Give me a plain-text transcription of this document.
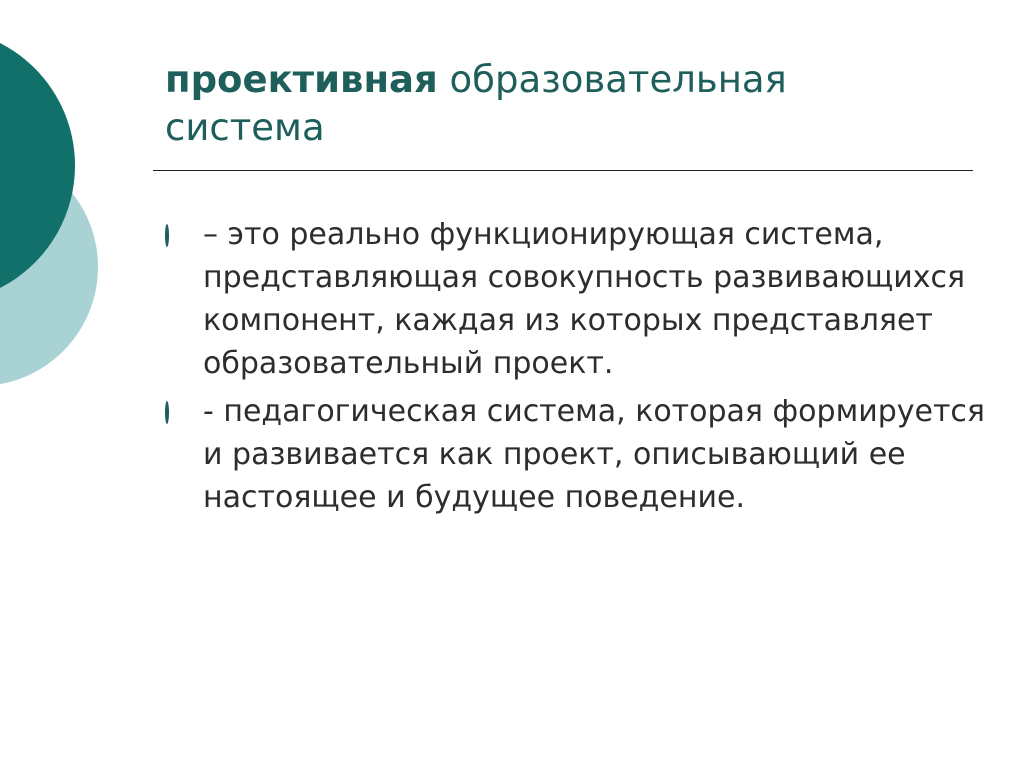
проективная образовательная система
– это реально функционирующая система, представляющая совокупность развивающихся компонент, каждая из которых представляет образовательный проект.
- педагогическая система, которая формируется и развивается как проект, описывающий ее настоящее и будущее поведение.
